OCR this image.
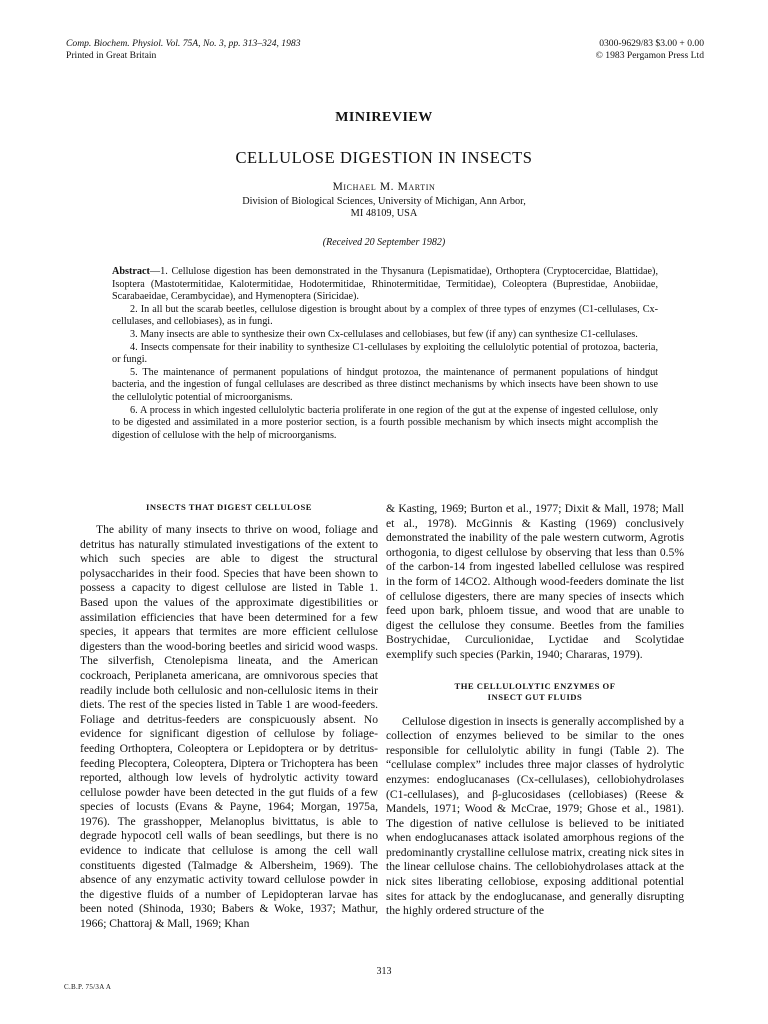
Comp. Biochem. Physiol. Vol. 75A, No. 3, pp. 313–324, 1983
Printed in Great Britain
0300-9629/83 $3.00 + 0.00
© 1983 Pergamon Press Ltd
MINIREVIEW
CELLULOSE DIGESTION IN INSECTS
Michael M. Martin
Division of Biological Sciences, University of Michigan, Ann Arbor,
MI 48109, USA
(Received 20 September 1982)

Abstract—1. Cellulose digestion has been demonstrated in the Thysanura (Lepismatidae), Orthoptera (Cryptocercidae, Blattidae), Isoptera (Mastotermitidae, Kalotermitidae, Hodotermitidae, Rhinotermitidae, Termitidae), Coleoptera (Buprestidae, Anobiidae, Scarabaeidae, Cerambycidae), and Hymenoptera (Siricidae).

2. In all but the scarab beetles, cellulose digestion is brought about by a complex of three types of enzymes (C1-cellulases, Cx-cellulases, and cellobiases), as in fungi.

3. Many insects are able to synthesize their own Cx-cellulases and cellobiases, but few (if any) can synthesize C1-cellulases.

4. Insects compensate for their inability to synthesize C1-cellulases by exploiting the cellulolytic potential of protozoa, bacteria, or fungi.

5. The maintenance of permanent populations of hindgut protozoa, the maintenance of permanent populations of hindgut bacteria, and the ingestion of fungal cellulases are described as three distinct mechanisms by which insects have been shown to use the cellulolytic potential of microorganisms.

6. A process in which ingested cellulolytic bacteria proliferate in one region of the gut at the expense of ingested cellulose, only to be digested and assimilated in a more posterior section, is a fourth possible mechanism by which insects might accomplish the digestion of cellulose with the help of microorganisms.

INSECTS THAT DIGEST CELLULOSE

The ability of many insects to thrive on wood, foliage and detritus has naturally stimulated investigations of the extent to which such species are able to digest the structural polysaccharides in their food. Species that have been shown to possess a capacity to digest cellulose are listed in Table 1. Based upon the values of the approximate digestibilities or assimilation efficiencies that have been determined for a few species, it appears that termites are more efficient cellulose digesters than the wood-boring beetles and siricid wood wasps. The silverfish, Ctenolepisma lineata, and the American cockroach, Periplaneta americana, are omnivorous species that readily include both cellulosic and non-cellulosic items in their diets. The rest of the species listed in Table 1 are wood-feeders. Foliage and detritus-feeders are conspicuously absent. No evidence for significant digestion of cellulose by foliage-feeding Orthoptera, Coleoptera or Lepidoptera or by detritus-feeding Plecoptera, Coleoptera, Diptera or Trichoptera has been reported, although low levels of hydrolytic activity toward cellulose powder have been detected in the gut fluids of a few species of locusts (Evans & Payne, 1964; Morgan, 1975a, 1976). The grasshopper, Melanoplus bivittatus, is able to degrade hypocotl cell walls of bean seedlings, but there is no evidence to indicate that cellulose is among the cell wall constituents digested (Talmadge & Albersheim, 1969). The absence of any enzymatic activity toward cellulose powder in the digestive fluids of a number of Lepidopteran larvae has been noted (Shinoda, 1930; Babers & Woke, 1937; Mathur, 1966; Chattoraj & Mall, 1969; Khan

& Kasting, 1969; Burton et al., 1977; Dixit & Mall, 1978; Mall et al., 1978). McGinnis & Kasting (1969) conclusively demonstrated the inability of the pale western cutworm, Agrotis orthogonia, to digest cellulose by observing that less than 0.5% of the carbon-14 from ingested labelled cellulose was respired in the form of 14CO2. Although wood-feeders dominate the list of cellulose digesters, there are many species of insects which feed upon bark, phloem tissue, and wood that are unable to digest the cellulose they consume. Beetles from the families Bostrychidae, Curculionidae, Lyctidae and Scolytidae exemplify such species (Parkin, 1940; Chararas, 1979).

THE CELLULOLYTIC ENZYMES OF
INSECT GUT FLUIDS

Cellulose digestion in insects is generally accomplished by a collection of enzymes believed to be similar to the ones responsible for cellulolytic ability in fungi (Table 2). The “cellulase complex” includes three major classes of hydrolytic enzymes: endoglucanases (Cx-cellulases), cellobiohydrolases (C1-cellulases), and β-glucosidases (cellobiases) (Reese & Mandels, 1971; Wood & McCrae, 1979; Ghose et al., 1981). The digestion of native cellulose is believed to be initiated when endoglucanases attack isolated amorphous regions of the predominantly crystalline cellulose matrix, creating nick sites in the linear cellulose chains. The cellobiohydrolases attack at the nick sites liberating cellobiose, exposing additional potential sites for attack by the endoglucanase, and generally disrupting the highly ordered structure of the

313
C.B.P. 75/3A A
